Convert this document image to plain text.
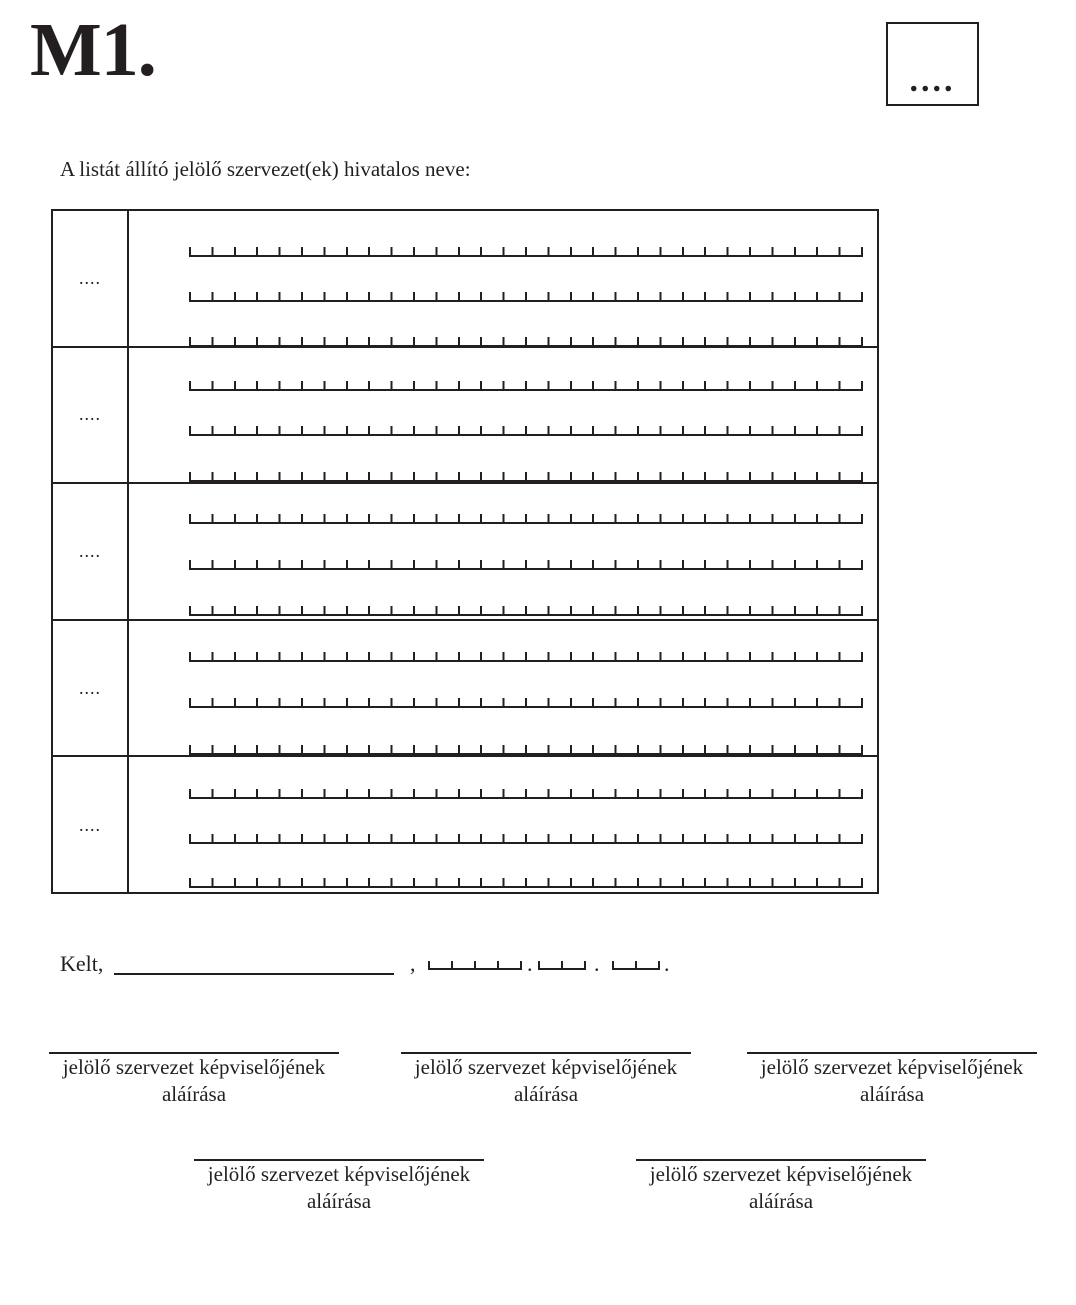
M1.	....
A listát állító jelölő szervezet(ek) hivatalos neve:
....
....
....
....
....
Kelt,	,	.	.	.
jelölő szervezet képviselőjének
aláírása
jelölő szervezet képviselőjének
aláírása
jelölő szervezet képviselőjének
aláírása
jelölő szervezet képviselőjének
aláírása
jelölő szervezet képviselőjének
aláírása
